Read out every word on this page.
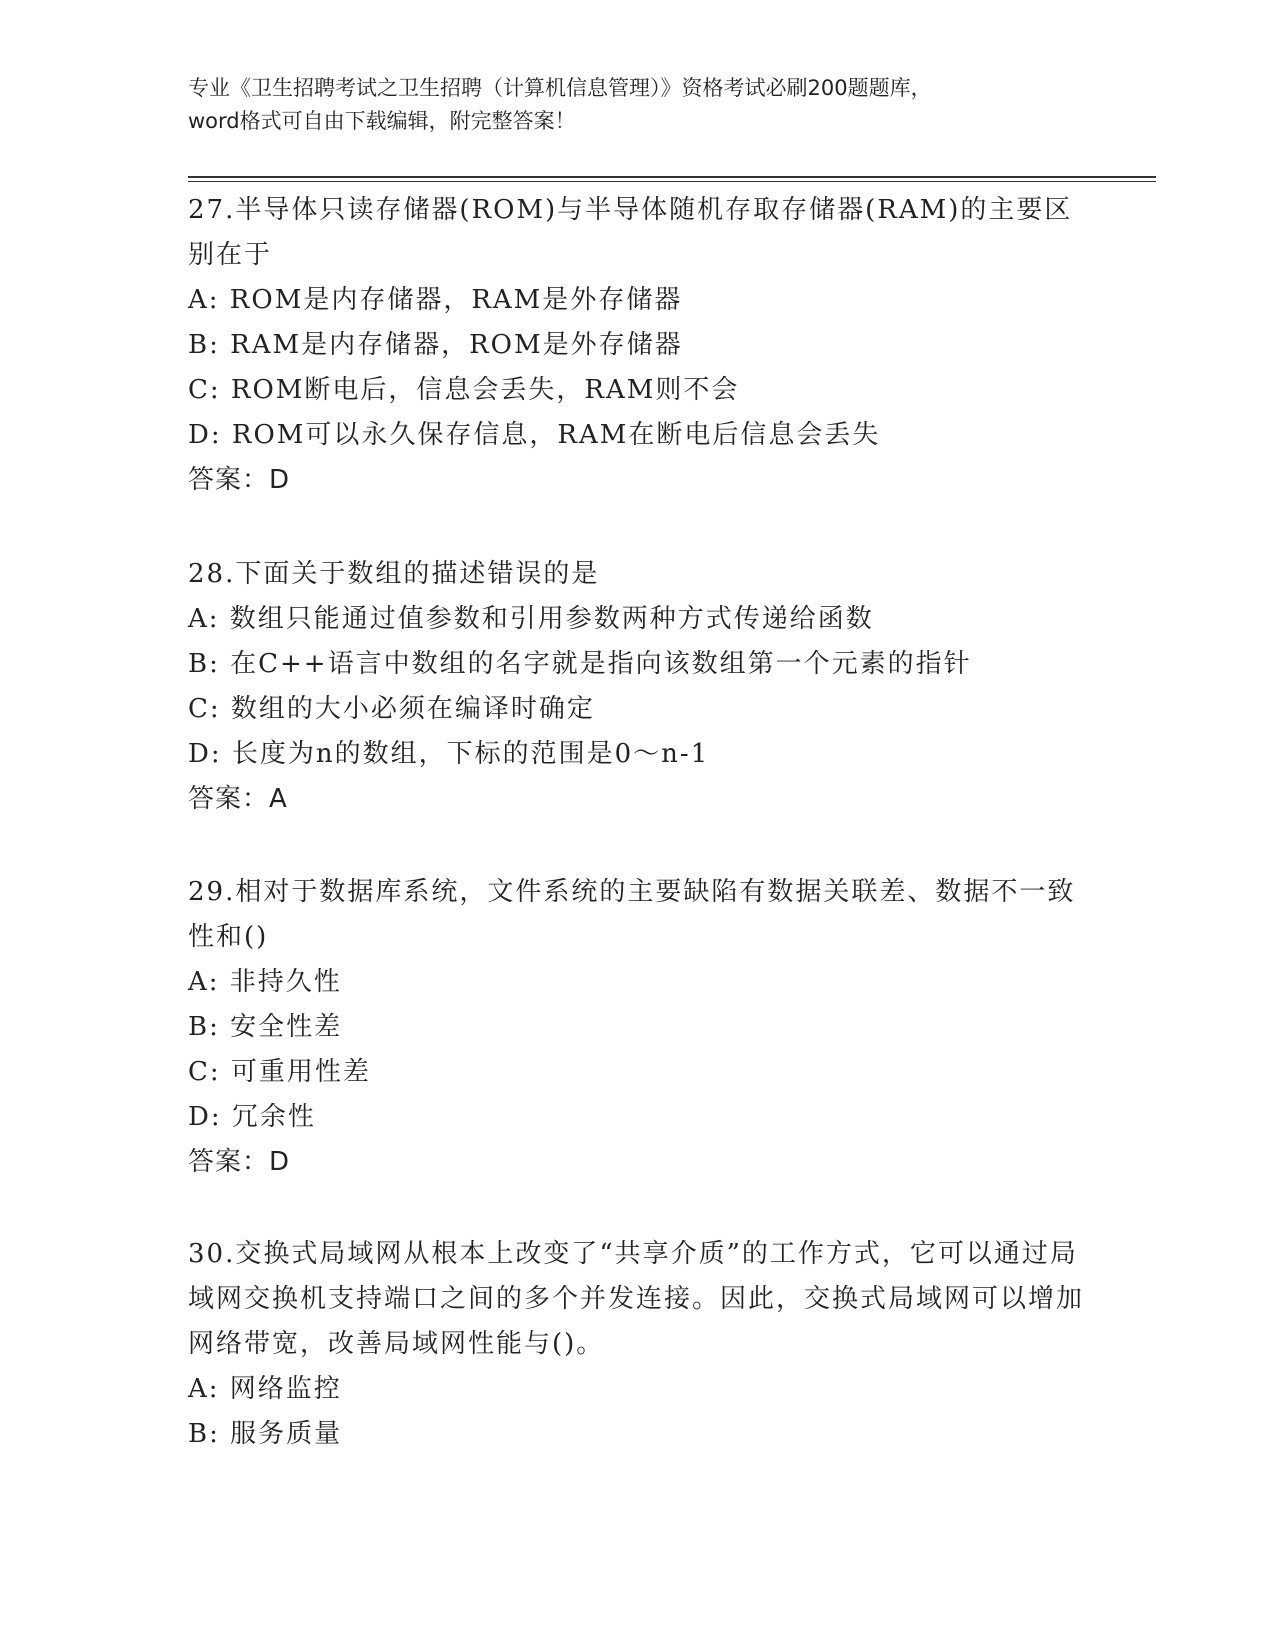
专业《卫生招聘考试之卫生招聘（计算机信息管理）》资格考试必刷200题题库，
word格式可自由下载编辑，附完整答案！
27.半导体只读存储器(ROM)与半导体随机存取存储器(RAM)的主要区别在于
A: ROM是内存储器，RAM是外存储器
B: RAM是内存储器，ROM是外存储器
C: ROM断电后，信息会丢失，RAM则不会
D: ROM可以永久保存信息，RAM在断电后信息会丢失
答案：D
28.下面关于数组的描述错误的是
A: 数组只能通过值参数和引用参数两种方式传递给函数
B: 在C++语言中数组的名字就是指向该数组第一个元素的指针
C: 数组的大小必须在编译时确定
D: 长度为n的数组，下标的范围是0～n-1
答案：A
29.相对于数据库系统，文件系统的主要缺陷有数据关联差、数据不一致性和()
A: 非持久性
B: 安全性差
C: 可重用性差
D: 冗余性
答案：D
30.交换式局域网从根本上改变了“共享介质”的工作方式，它可以通过局域网交换机支持端口之间的多个并发连接。因此，交换式局域网可以增加网络带宽，改善局域网性能与()。
A: 网络监控
B: 服务质量
